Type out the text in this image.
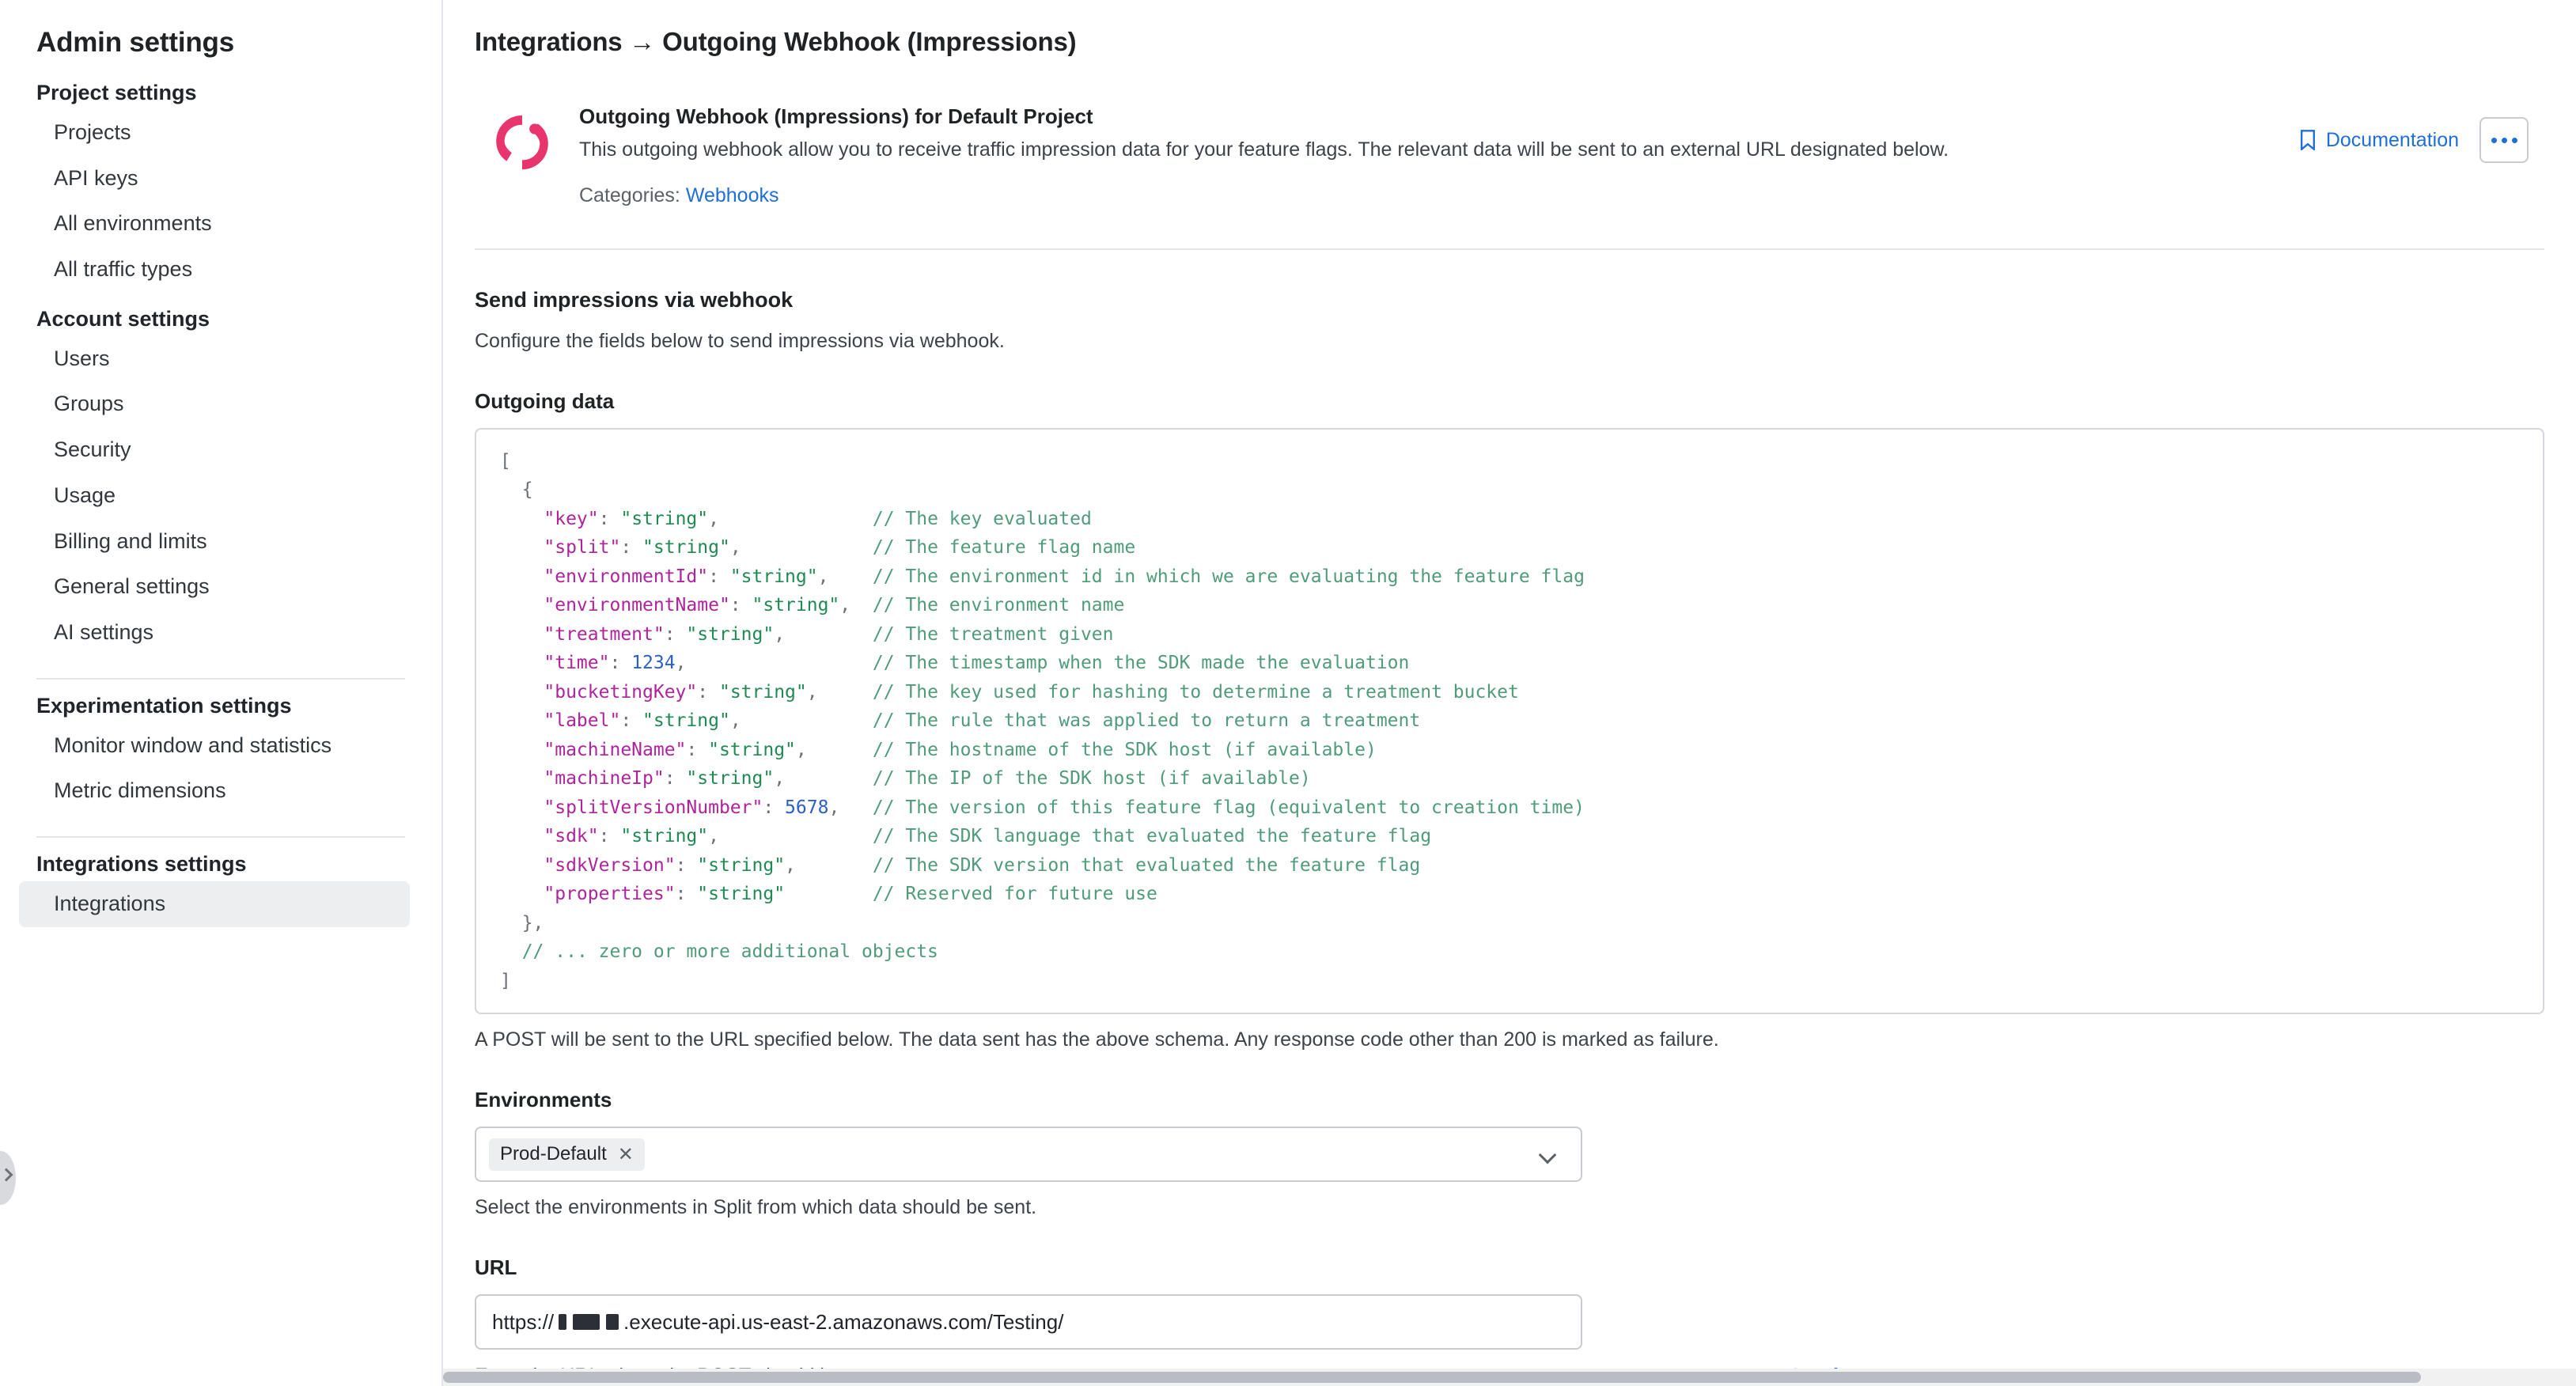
Admin settings
Project settings
Projects
API keys
All environments
All traffic types
Account settings
Users
Groups
Security
Usage
Billing and limits
General settings
AI settings
Experimentation settings
Monitor window and statistics
Metric dimensions
Integrations settings
Integrations
Integrations → Outgoing Webhook (Impressions)
Outgoing Webhook (Impressions) for Default Project
This outgoing webhook allow you to receive traffic impression data for your feature flags. The relevant data will be sent to an external URL designated below.
Categories: Webhooks
Documentation
Send impressions via webhook
Configure the fields below to send impressions via webhook.
Outgoing data
[
{
"key": "string",	// The key evaluated
"split": "string",	// The feature flag name
"environmentId": "string", // The environment id in which we are evaluating the feature flag
"environmentName": "string", // The environment name
"treatment": "string",	// The treatment given
"time": 1234,	// The timestamp when the SDK made the evaluation
"bucketingKey": "string",	// The key used for hashing to determine a treatment bucket
"label": "string",	// The rule that was applied to return a treatment
"machineName": "string",	// The hostname of the SDK host (if available)
"machineIp": "string",	// The IP of the SDK host (if available)
"splitVersionNumber": 5678, // The version of this feature flag (equivalent to creation time)
"sdk": "string",	// The SDK language that evaluated the feature flag
"sdkVersion": "string",	// The SDK version that evaluated the feature flag
"properties": "string"	// Reserved for future use
},
// ... zero or more additional objects
]

A POST will be sent to the URL specified below. The data sent has the above schema. Any response code other than 200 is marked as failure.
Environments
Prod-Default ✕
Select the environments in Split from which data should be sent.
URL
https://	.execute-api.us-east-2.amazonaws.com/Testing/
